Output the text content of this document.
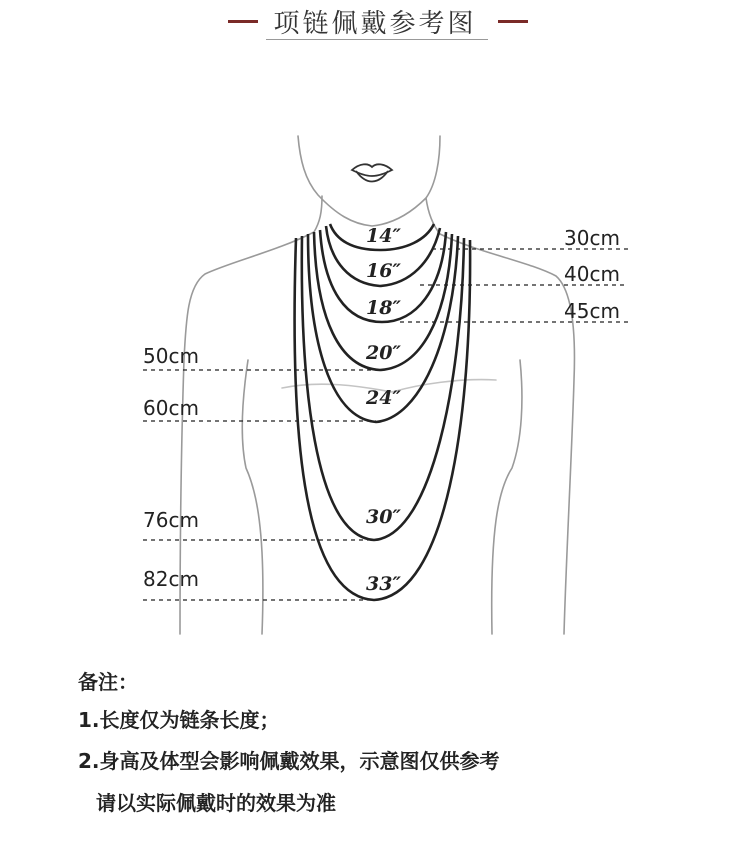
项链佩戴参考图
14″
16″
18″
20″
24″
30″
33″
30cm
40cm
45cm
50cm
60cm
76cm
82cm
备注：
1.长度仅为链条长度；
2.身高及体型会影响佩戴效果，示意图仅供参考
请以实际佩戴时的效果为准
